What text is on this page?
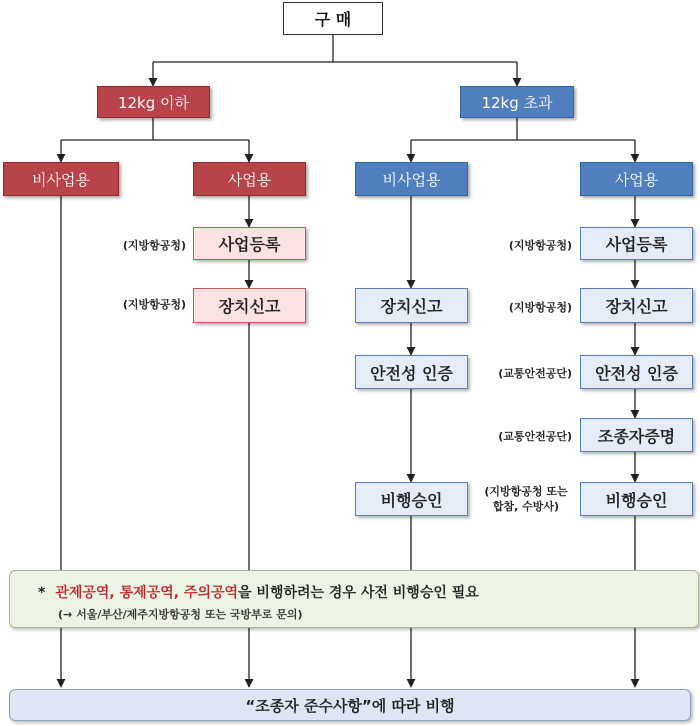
구 매
12kg 이하	12kg 초과
비사업용	사업용	비사업용	사업용
(지방항공청) 사업등록
(지방항공청) 장치신고	장치신고
안전성 인증
비행승인
(지방항공청) 사업등록
(지방항공청) 장치신고
(교통안전공단) 안전성 인증
(교통안전공단) 조종자증명
(지방항공청 또는
합참, 수방사)	비행승인
* 관제공역, 통제공역, 주의공역을 비행하려는 경우 사전 비행승인 필요
(→ 서울/부산/제주지방항공청 또는 국방부로 문의)
“조종자 준수사항”에 따라 비행
